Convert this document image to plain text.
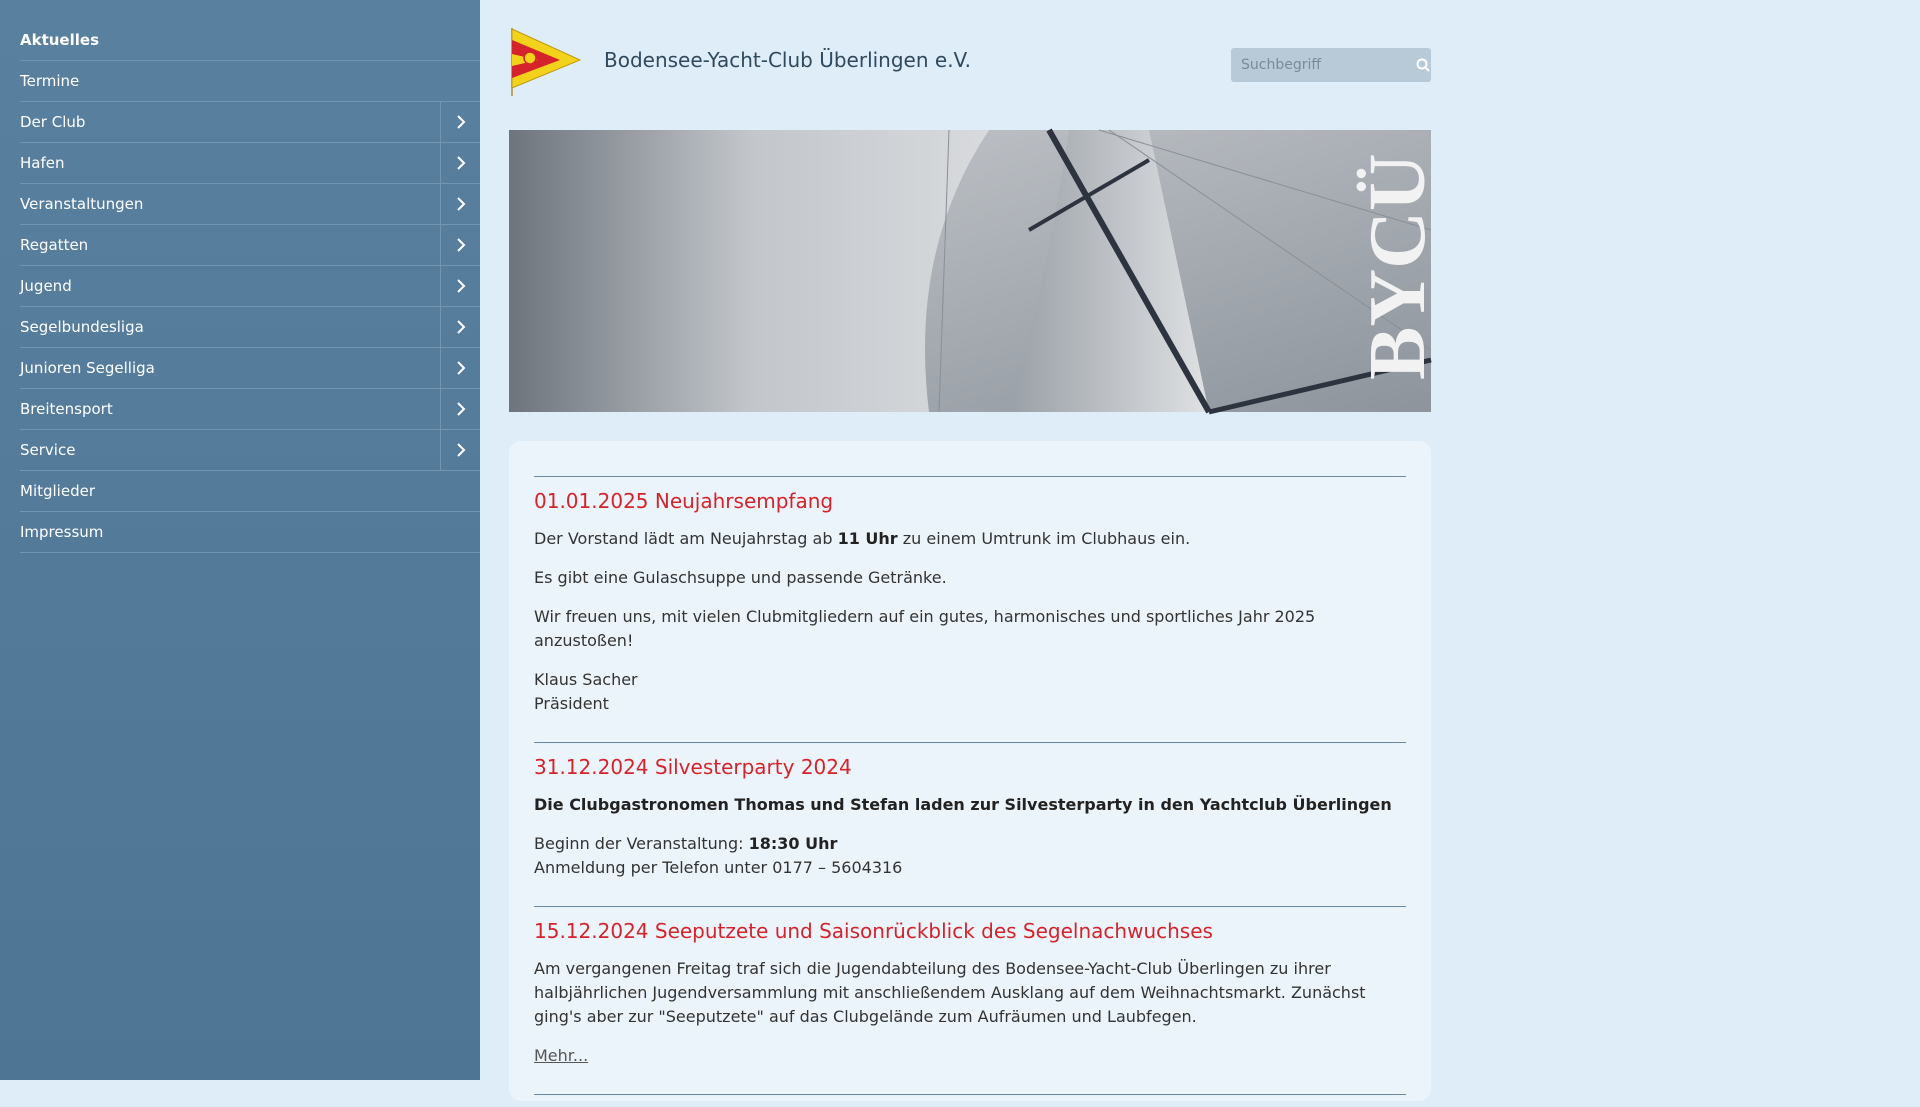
Aktuelles
Termine
Der Club
Hafen
Veranstaltungen
Regatten
Jugend
Segelbundesliga
Junioren Segelliga
Breitensport
Service
Mitglieder
Impressum
Bodensee-Yacht-Club Überlingen e.V.
Suchbegriff
BYCÜ
01.01.2025 Neujahrsempfang

Der Vorstand lädt am Neujahrstag ab 11 Uhr zu einem Umtrunk im Clubhaus ein.

Es gibt eine Gulaschsuppe und passende Getränke.

Wir freuen uns, mit vielen Clubmitgliedern auf ein gutes, harmonisches und sportliches Jahr 2025 anzustoßen!

Klaus Sacher
Präsident

31.12.2024 Silvesterparty 2024

Die Clubgastronomen Thomas und Stefan laden zur Silvesterparty in den Yachtclub Überlingen

Beginn der Veranstaltung: 18:30 Uhr
Anmeldung per Telefon unter 0177 – 5604316

15.12.2024 Seeputzete und Saisonrückblick des Segelnachwuchses

Am vergangenen Freitag traf sich die Jugendabteilung des Bodensee-Yacht-Club Überlingen zu ihrer halbjährlichen Jugendversammlung mit anschließendem Ausklang auf dem Weihnachtsmarkt. Zunächst ging's aber zur "Seeputzete" auf das Clubgelände zum Aufräumen und Laubfegen.

Mehr...
